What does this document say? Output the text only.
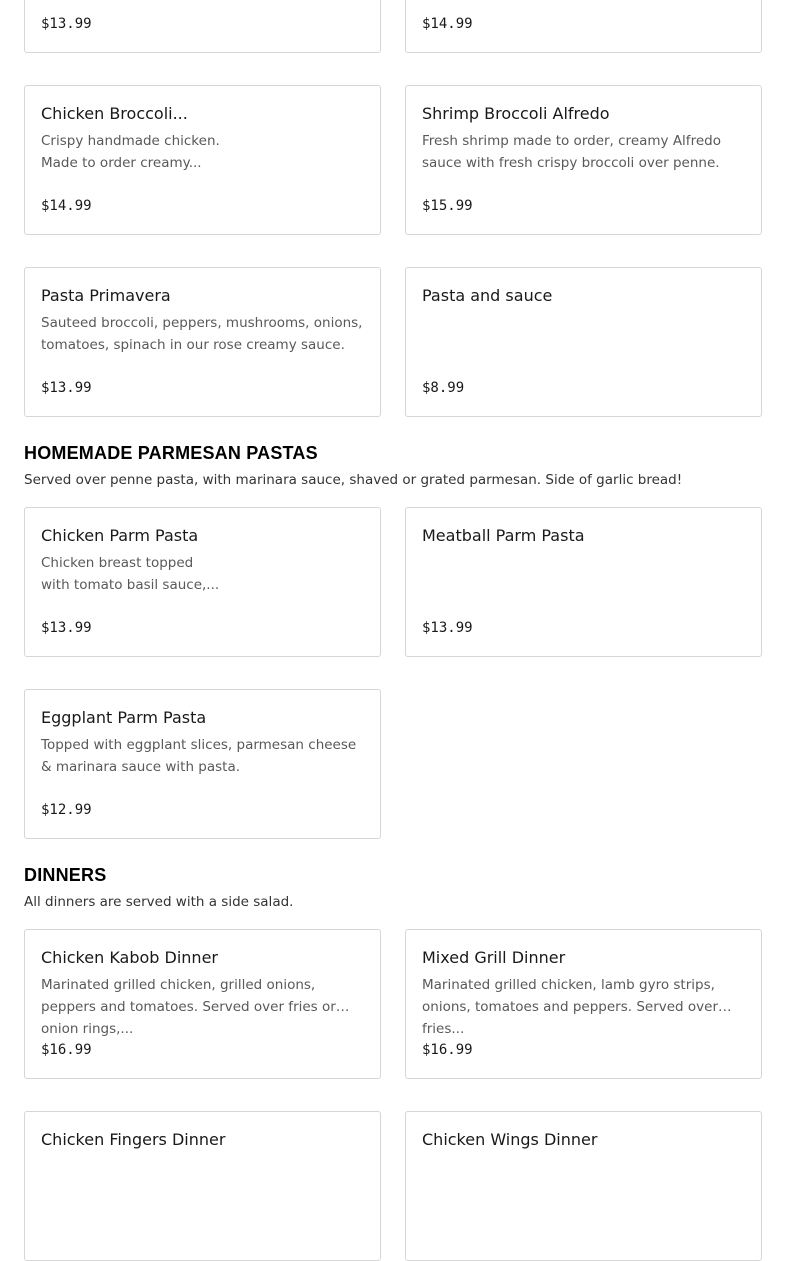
$13.99	$14.99
Chicken Broccoli...
Crispy handmade chicken.
Made to order creamy...
$14.99
Shrimp Broccoli Alfredo
Fresh shrimp made to order, creamy Alfredo sauce with fresh crispy broccoli over penne.
$15.99
Pasta Primavera
Sauteed broccoli, peppers, mushrooms, onions, tomatoes, spinach in our rose creamy sauce.
$13.99
Pasta and sauce
$8.99
HOMEMADE PARMESAN PASTAS
Served over penne pasta, with marinara sauce, shaved or grated parmesan. Side of garlic bread!
Chicken Parm Pasta
Chicken breast topped
with tomato basil sauce,...
$13.99
Meatball Parm Pasta
$13.99
Eggplant Parm Pasta
Topped with eggplant slices, parmesan cheese & marinara sauce with pasta.
$12.99
DINNERS
All dinners are served with a side salad.
Chicken Kabob Dinner
Marinated grilled chicken, grilled onions, peppers and tomatoes. Served over fries or onion rings,...
$16.99
Mixed Grill Dinner
Marinated grilled chicken, lamb gyro strips, onions, tomatoes and peppers. Served over fries...
$16.99
Chicken Fingers Dinner	Chicken Wings Dinner
